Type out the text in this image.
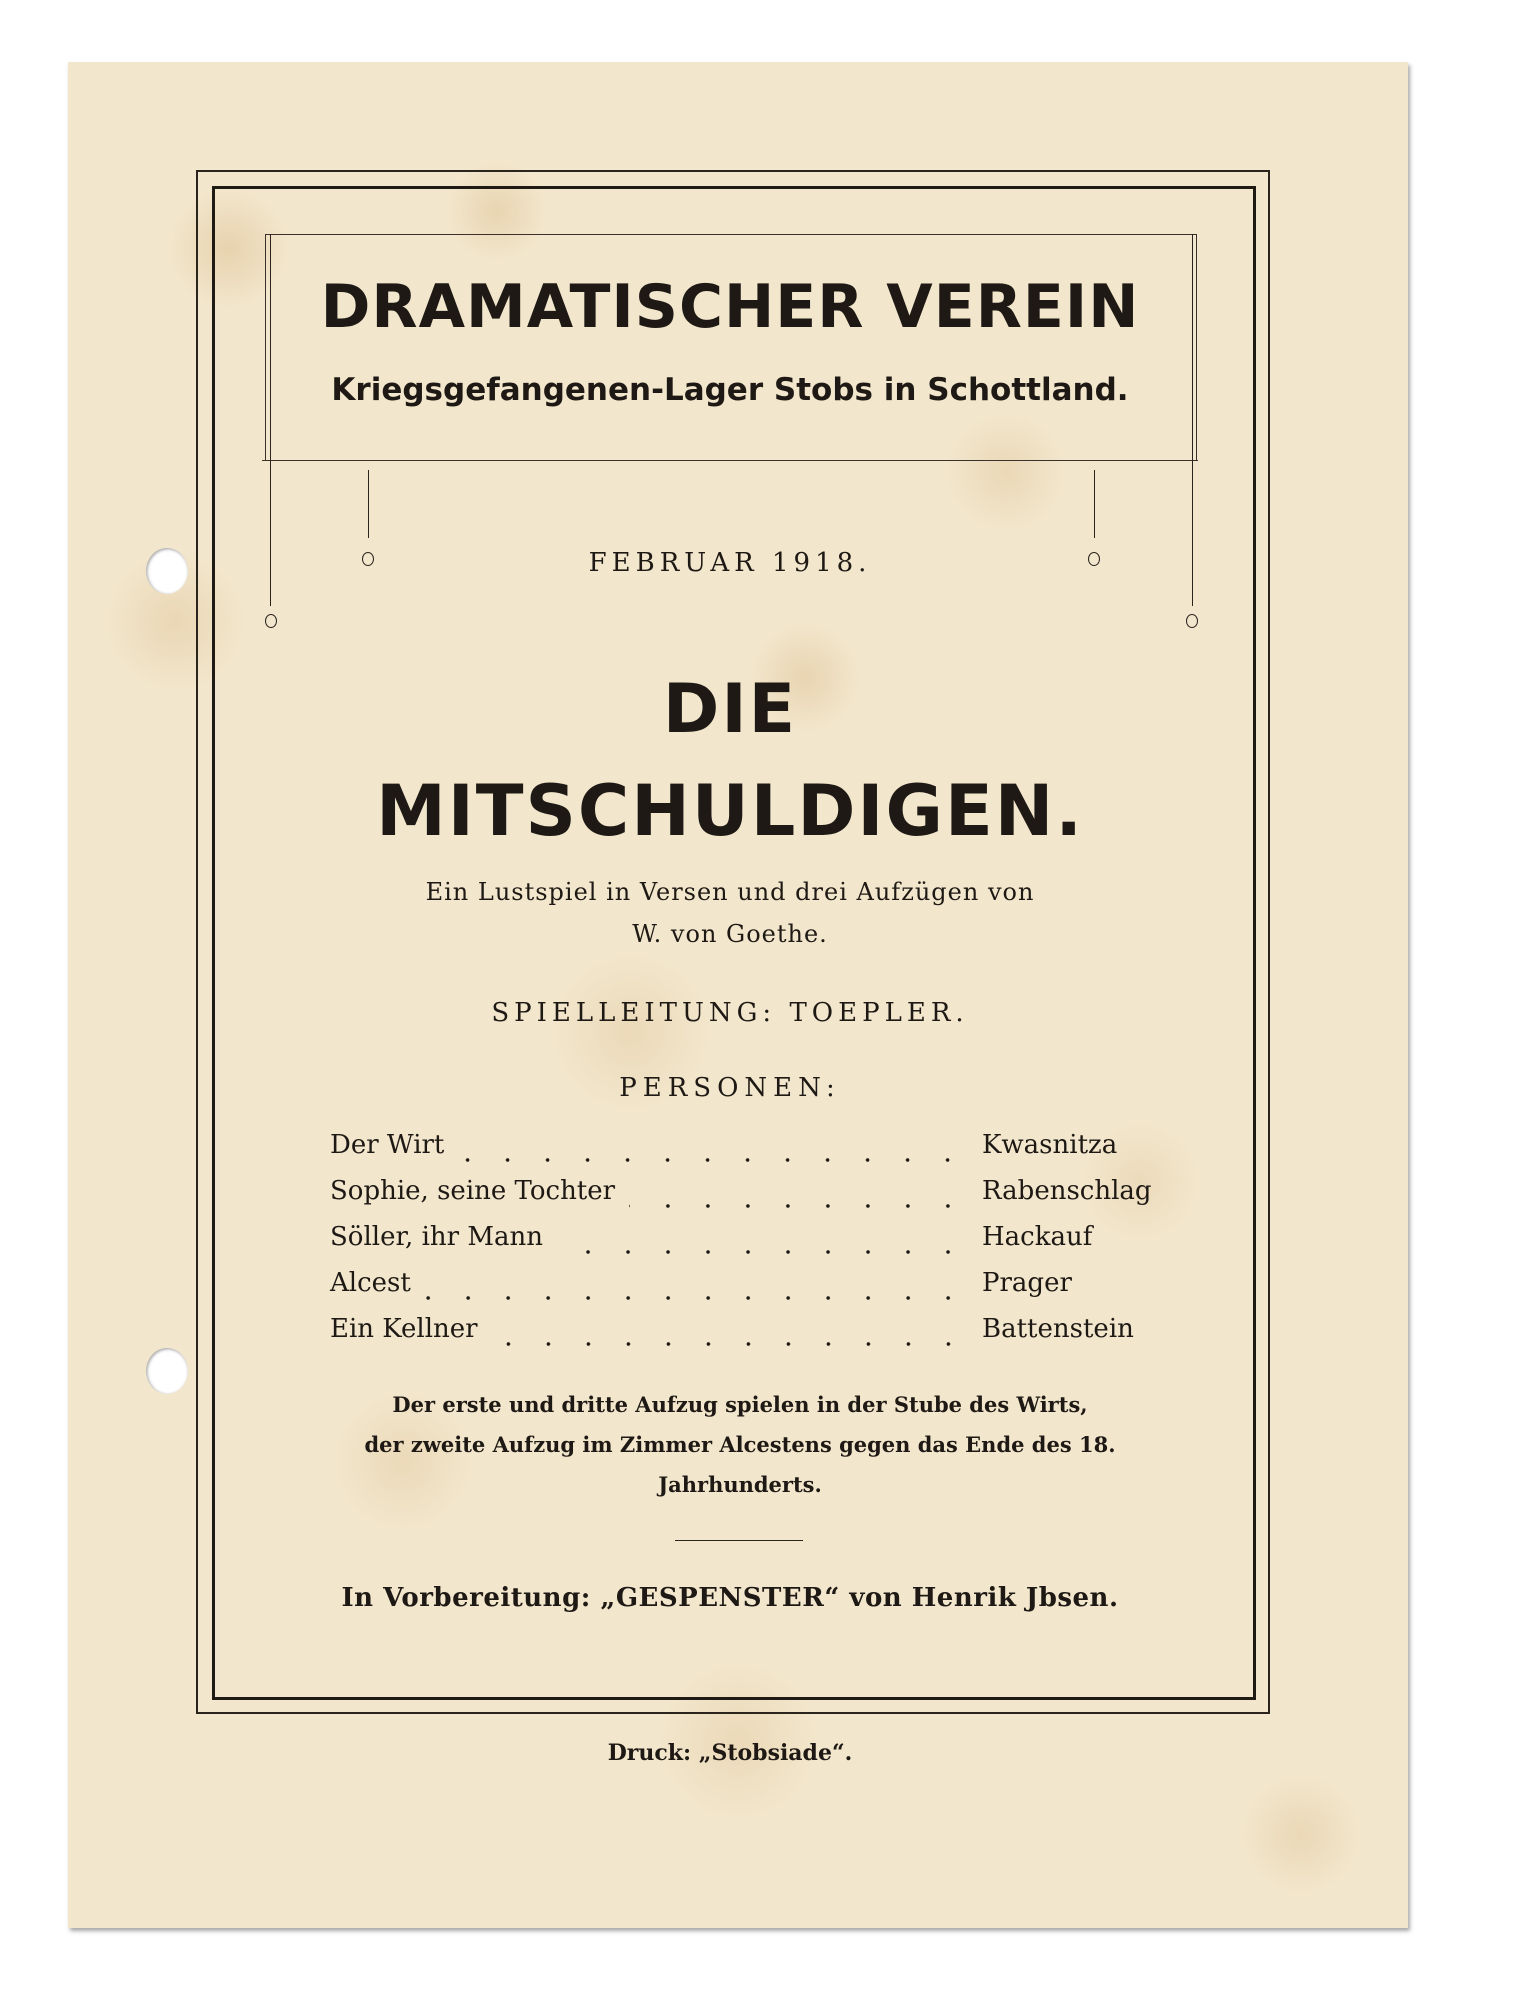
DRAMATISCHER VEREIN
Kriegsgefangenen-Lager Stobs in Schottland.
FEBRUAR 1918.
DIE
MITSCHULDIGEN.
Ein Lustspiel in Versen und drei Aufzügen von
W. von Goethe.
SPIELLEITUNG: TOEPLER.
PERSONEN:
Der Wirt	Kwasnitza
Sophie, seine Tochter	Rabenschlag
Söller, ihr Mann	Hackauf
Alcest	Prager
Ein Kellner	Battenstein
Der erste und dritte Aufzug spielen in der Stube des Wirts,
der zweite Aufzug im Zimmer Alcestens gegen das Ende des 18.
Jahrhunderts.
In Vorbereitung: „GESPENSTER“ von Henrik Jbsen.
Druck: „Stobsiade“.
